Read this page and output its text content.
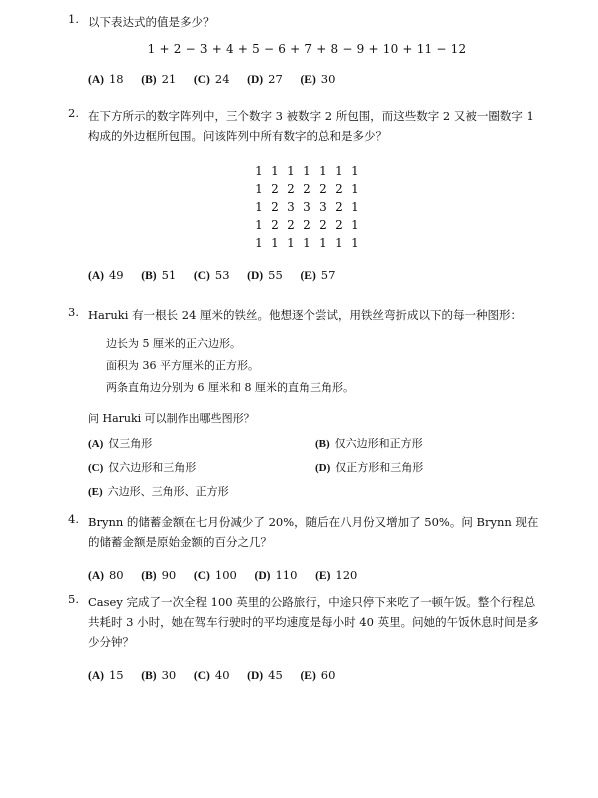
1. 以下表达式的值是多少？
1 + 2 − 3 + 4 + 5 − 6 + 7 + 8 − 9 + 10 + 11 − 12
(A) 18 (B) 21 (C) 24 (D) 27 (E) 30
2. 在下方所示的数字阵列中，三个数字 3 被数字 2 所包围，而这些数字 2 又被一圈数字 1 构成的外边框所包围。问该阵列中所有数字的总和是多少？
1	1	1	1	1	1	1
1	2	2	2	2	2	1
1	2	3	3	3	2	1
1	2	2	2	2	2	1
1	1	1	1	1	1	1
(A) 49 (B) 51 (C) 53 (D) 55 (E) 57
3. Haruki 有一根长 24 厘米的铁丝。他想逐个尝试，用铁丝弯折成以下的每一种图形：
边长为 5 厘米的正六边形。
面积为 36 平方厘米的正方形。
两条直角边分别为 6 厘米和 8 厘米的直角三角形。
问 Haruki 可以制作出哪些图形？
(A) 仅三角形	(B) 仅六边形和正方形
(C) 仅六边形和三角形	(D) 仅正方形和三角形
(E) 六边形、三角形、正方形
4. Brynn 的储蓄金额在七月份减少了 20%，随后在八月份又增加了 50%。问 Brynn 现在的储蓄金额是原始金额的百分之几？
(A) 80 (B) 90 (C) 100 (D) 110 (E) 120
5. Casey 完成了一次全程 100 英里的公路旅行，中途只停下来吃了一顿午饭。整个行程总共耗时 3 小时，她在驾车行驶时的平均速度是每小时 40 英里。问她的午饭休息时间是多少分钟？
(A) 15 (B) 30 (C) 40 (D) 45 (E) 60
